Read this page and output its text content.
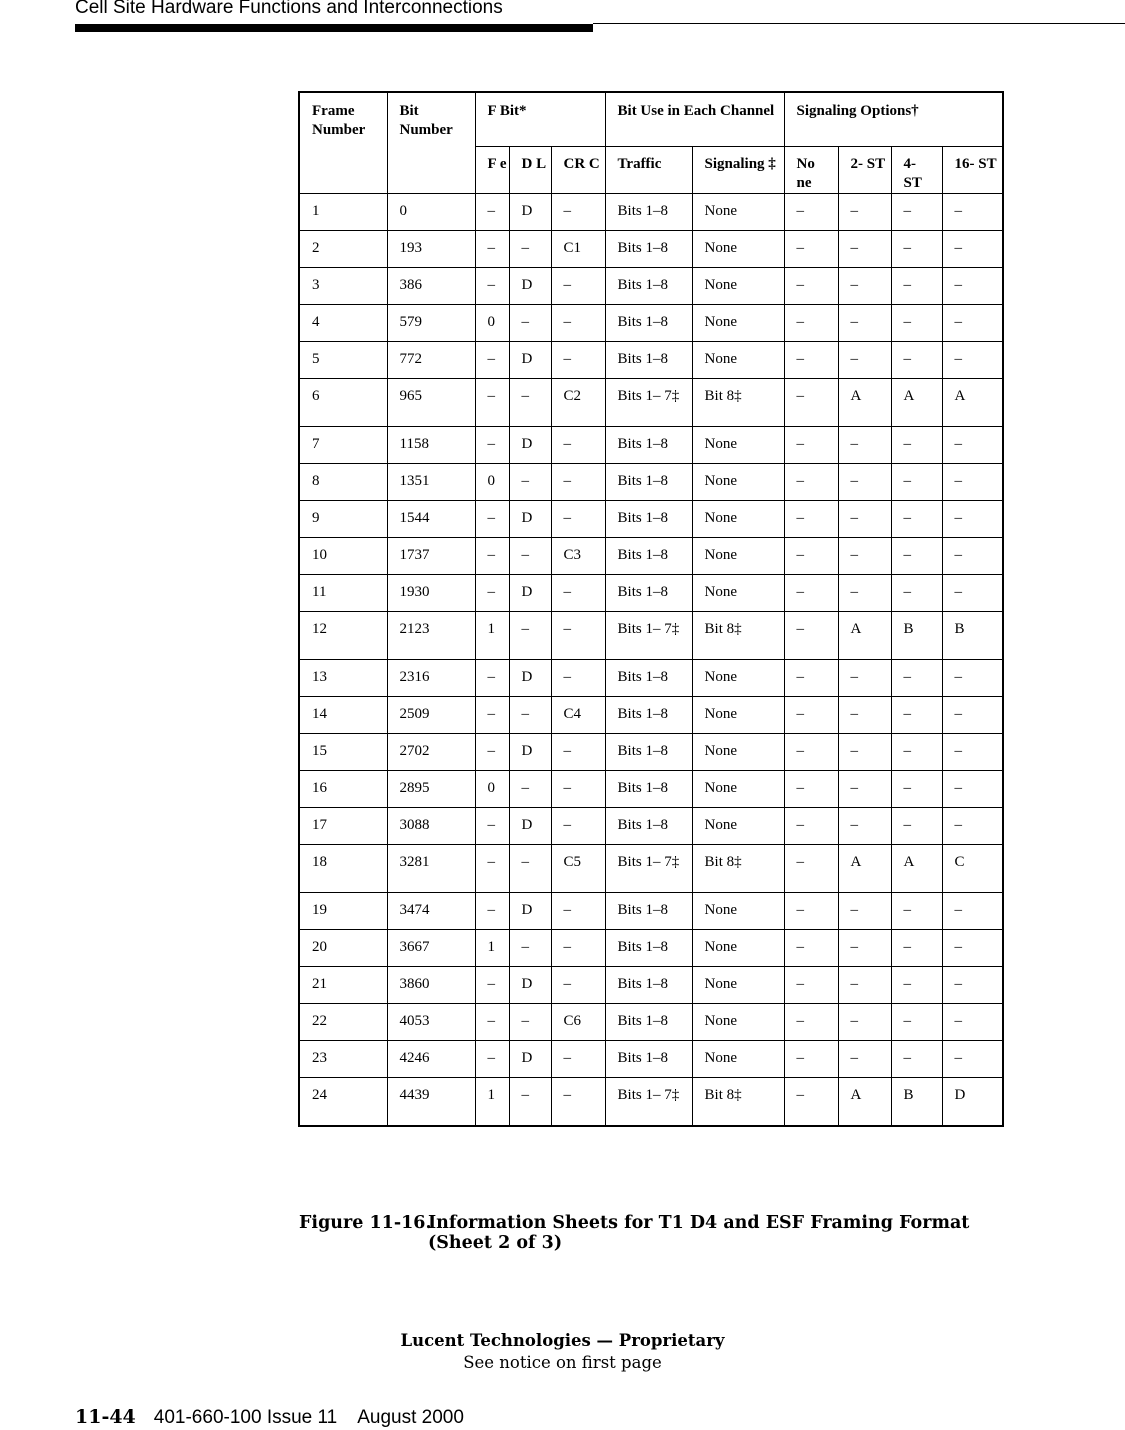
Cell Site Hardware Functions and Interconnections
Frame Number	Bit Number	F Bit*			Bit Use in Each Channel		Signaling Options†			
		F e	D L	CR C	Traffic	Signaling ‡	No ne	2- ST	4- ST	16- ST
1	0	–	D	–	Bits 1–8	None	–	–	–	–
2	193	–	–	C1	Bits 1–8	None	–	–	–	–
3	386	–	D	–	Bits 1–8	None	–	–	–	–
4	579	0	–	–	Bits 1–8	None	–	–	–	–
5	772	–	D	–	Bits 1–8	None	–	–	–	–
6	965	–	–	C2	Bits 1– 7‡	Bit 8‡	–	A	A	A
7	1158	–	D	–	Bits 1–8	None	–	–	–	–
8	1351	0	–	–	Bits 1–8	None	–	–	–	–
9	1544	–	D	–	Bits 1–8	None	–	–	–	–
10	1737	–	–	C3	Bits 1–8	None	–	–	–	–
11	1930	–	D	–	Bits 1–8	None	–	–	–	–
12	2123	1	–	–	Bits 1– 7‡	Bit 8‡	–	A	B	B
13	2316	–	D	–	Bits 1–8	None	–	–	–	–
14	2509	–	–	C4	Bits 1–8	None	–	–	–	–
15	2702	–	D	–	Bits 1–8	None	–	–	–	–
16	2895	0	–	–	Bits 1–8	None	–	–	–	–
17	3088	–	D	–	Bits 1–8	None	–	–	–	–
18	3281	–	–	C5	Bits 1– 7‡	Bit 8‡	–	A	A	C
19	3474	–	D	–	Bits 1–8	None	–	–	–	–
20	3667	1	–	–	Bits 1–8	None	–	–	–	–
21	3860	–	D	–	Bits 1–8	None	–	–	–	–
22	4053	–	–	C6	Bits 1–8	None	–	–	–	–
23	4246	–	D	–	Bits 1–8	None	–	–	–	–
24	4439	1	–	–	Bits 1– 7‡	Bit 8‡	–	A	B	D
Figure 11-16.Information Sheets for T1 D4 and ESF Framing Format
(Sheet 2 of 3)
Lucent Technologies — Proprietary
See notice on first page
11-44 401-660-100 Issue 11 August 2000
